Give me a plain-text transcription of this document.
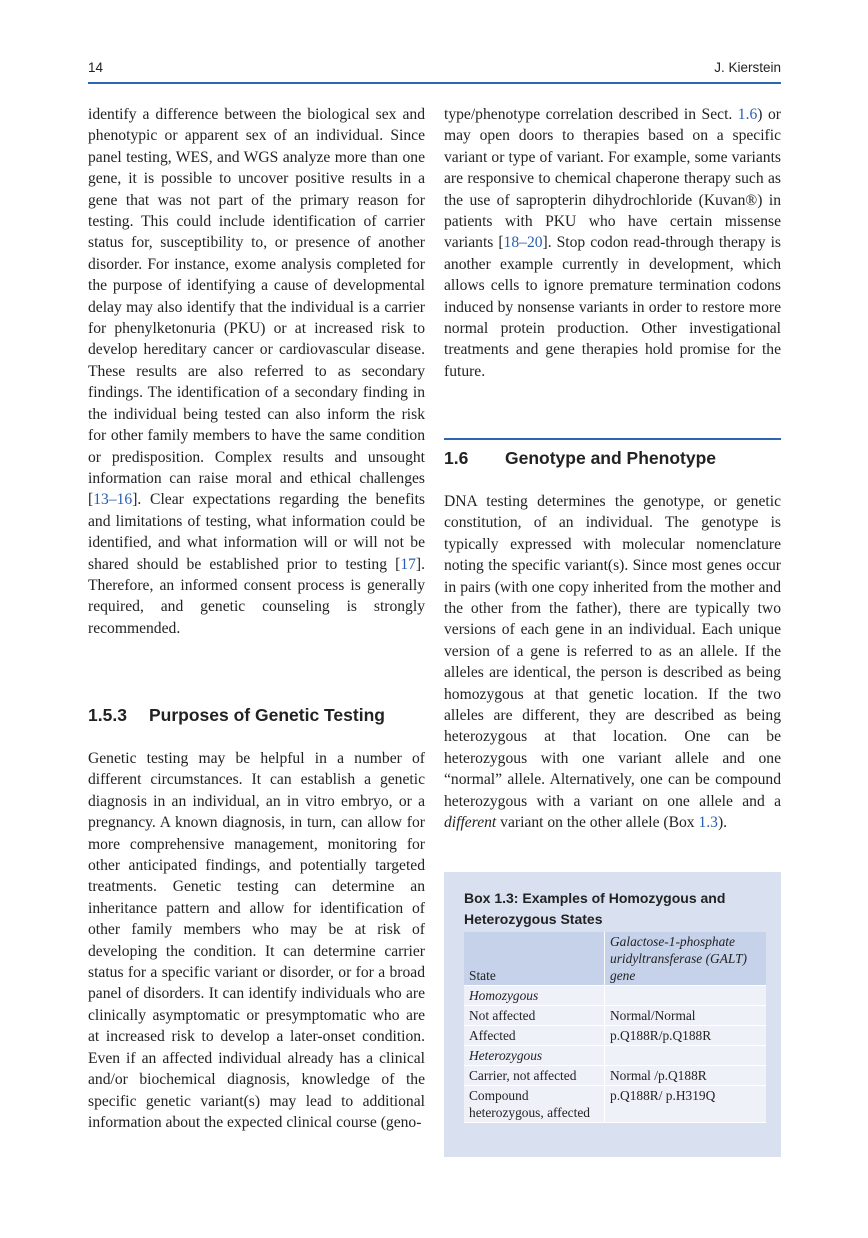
14	J. Kierstein

identify a difference between the biological sex and phenotypic or apparent sex of an individual. Since panel testing, WES, and WGS analyze more than one gene, it is possible to uncover positive results in a gene that was not part of the primary reason for testing. This could include identification of carrier status for, susceptibility to, or presence of another disorder. For instance, exome analysis completed for the purpose of identifying a cause of developmental delay may also identify that the individual is a carrier for phenylketonuria (PKU) or at increased risk to develop hereditary cancer or cardiovascular disease. These results are also referred to as secondary findings. The identification of a secondary finding in the individual being tested can also inform the risk for other family members to have the same condition or predisposition. Complex results and unsought information can raise moral and ethical challenges [13–16]. Clear expectations regarding the benefits and limitations of testing, what information could be identified, and what information will or will not be shared should be established prior to testing [17]. Therefore, an informed consent process is generally required, and genetic counseling is strongly recommended.

1.5.3 Purposes of Genetic Testing

Genetic testing may be helpful in a number of different circumstances. It can establish a genetic diagnosis in an individual, an in vitro embryo, or a pregnancy. A known diagnosis, in turn, can allow for more comprehensive management, monitoring for other anticipated findings, and potentially targeted treatments. Genetic testing can determine an inheritance pattern and allow for identification of other family members who may be at risk of developing the condition. It can determine carrier status for a specific variant or disorder, or for a broad panel of disorders. It can identify individuals who are clinically asymptomatic or presymptomatic who are at increased risk to develop a later-onset condition. Even if an affected individual already has a clinical and/or biochemical diagnosis, knowledge of the specific genetic variant(s) may lead to additional information about the expected clinical course (geno-

type/phenotype correlation described in Sect. 1.6) or may open doors to therapies based on a specific variant or type of variant. For example, some variants are responsive to chemical chaperone therapy such as the use of sapropterin dihydrochloride (Kuvan®) in patients with PKU who have certain missense variants [18–20]. Stop codon read-through therapy is another example currently in development, which allows cells to ignore premature termination codons induced by nonsense variants in order to restore more normal protein production. Other investigational treatments and gene therapies hold promise for the future.

1.6 Genotype and Phenotype

DNA testing determines the genotype, or genetic constitution, of an individual. The genotype is typically expressed with molecular nomenclature noting the specific variant(s). Since most genes occur in pairs (with one copy inherited from the mother and the other from the father), there are typically two versions of each gene in an individual. Each unique version of a gene is referred to as an allele. If the alleles are identical, the person is described as being homozygous at that genetic location. If the two alleles are different, they are described as being heterozygous at that location. One can be heterozygous with one variant allele and one “normal” allele. Alternatively, one can be compound heterozygous with a variant on one allele and a different variant on the other allele (Box 1.3).

Box 1.3: Examples of Homozygous and Heterozygous States
State	Galactose-1-phosphate uridyltransferase (GALT) gene
Homozygous	
Not affected	Normal/Normal
Affected	p.Q188R/p.Q188R
Heterozygous	
Carrier, not affected	Normal /p.Q188R
Compound heterozygous, affected	p.Q188R/ p.H319Q
